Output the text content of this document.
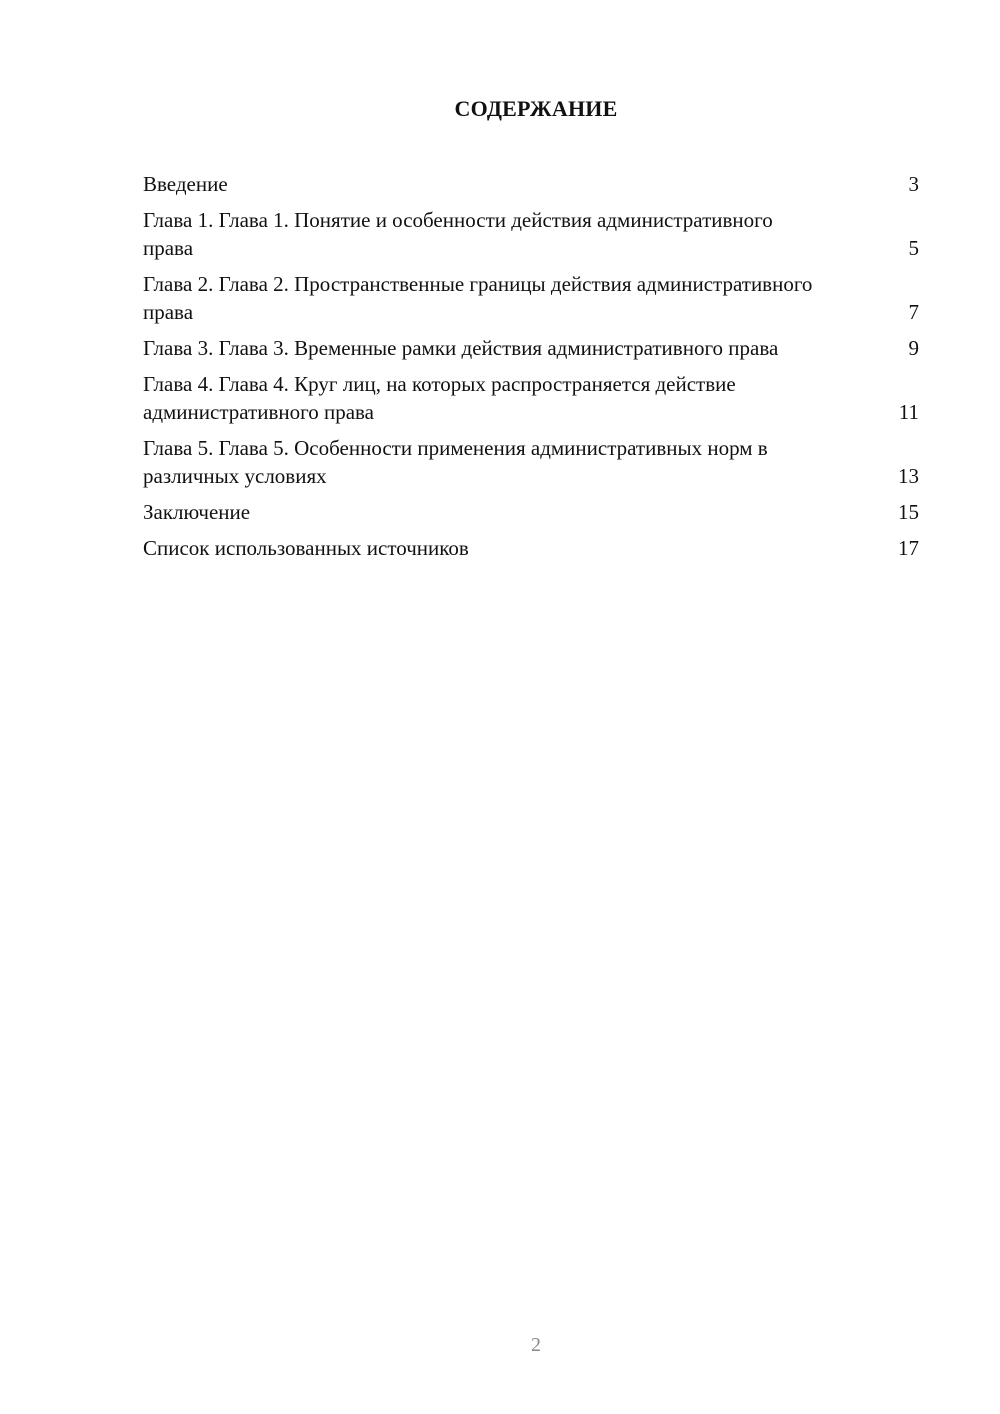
СОДЕРЖАНИЕ
Введение	3
Глава 1. Глава 1. Понятие и особенности действия административного права	5
Глава 2. Глава 2. Пространственные границы действия административного права	7
Глава 3. Глава 3. Временные рамки действия административного права	9
Глава 4. Глава 4. Круг лиц, на которых распространяется действие административного права	11
Глава 5. Глава 5. Особенности применения административных норм в различных условиях	13
Заключение	15
Список использованных источников	17
2
